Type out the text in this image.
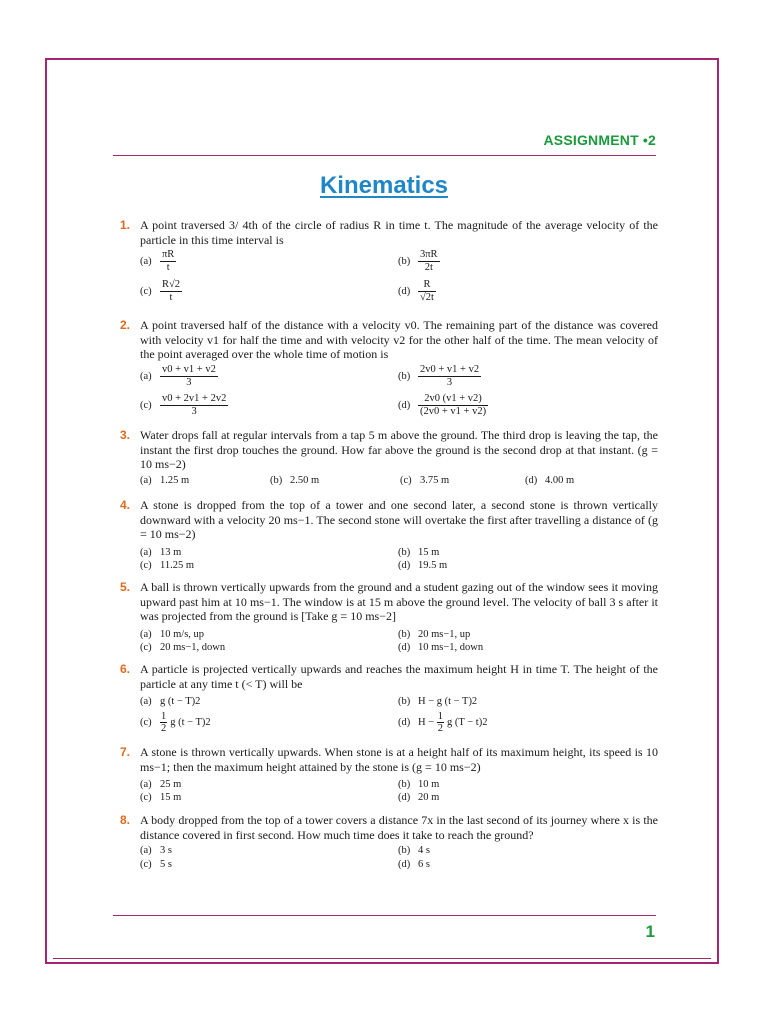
ASSIGNMENT •2
Kinematics
1. A point traversed 3/ 4th of the circle of radius R in time t. The magnitude of the average velocity of the particle in this time interval is
$(a) \frac{\pi R}{t}$	$(b) \frac{3\pi R}{2t}$
$(c) \frac{R√2}{t}$	$(d) \frac{R}{√2t}$
2. A point traversed half of the distance with a velocity v0. The remaining part of the distance was covered with velocity v1 for half the time and with velocity v2 for the other half of the time. The mean velocity of the point averaged over the whole time of motion is
$(a) \frac{v0 + v1 + v2}{3}$	$(b) \frac{2v0 + v1 + v2}{3}$
$(c) \frac{v0 + 2v1 + 2v2}{3}$	$(d) \frac{2v0 (v1 + v2)}{(2v0 + v1 + v2)}$
3. Water drops fall at regular intervals from a tap 5 m above the ground. The third drop is leaving the tap, the instant the first drop touches the ground. How far above the ground is the second drop at that instant. (g = 10 ms−2)
(a) 1.25 m	(b) 2.50 m	(c) 3.75 m	(d) 4.00 m
4. A stone is dropped from the top of a tower and one second later, a second stone is thrown vertically downward with a velocity 20 ms−1. The second stone will overtake the first after travelling a distance of (g = 10 ms−2)
(a) 13 m	(b) 15 m
(c) 11.25 m	(d) 19.5 m
5. A ball is thrown vertically upwards from the ground and a student gazing out of the window sees it moving upward past him at 10 ms−1. The window is at 15 m above the ground level. The velocity of ball 3 s after it was projected from the ground is [Take g = 10 ms−2]
(a) 10 m/s, up	(b) 20 ms−1, up
(c) 20 ms−1, down	(d) 10 ms−1, down
6. A particle is projected vertically upwards and reaches the maximum height H in time T. The height of the particle at any time t (< T) will be
(a) g (t − T)2	(b) H − g (t − T)2
$(c) \frac{1}{2}$ g (t − T)2	(d) $H - \frac{1}{2}$ g (T − t)2
7. A stone is thrown vertically upwards. When stone is at a height half of its maximum height, its speed is 10 ms−1; then the maximum height attained by the stone is (g = 10 ms−2)
(a) 25 m	(b) 10 m
(c) 15 m	(d) 20 m
8. A body dropped from the top of a tower covers a distance 7x in the last second of its journey where x is the distance covered in first second. How much time does it take to reach the ground?
(a) 3 s	(b) 4 s
(c) 5 s	(d) 6 s
1
